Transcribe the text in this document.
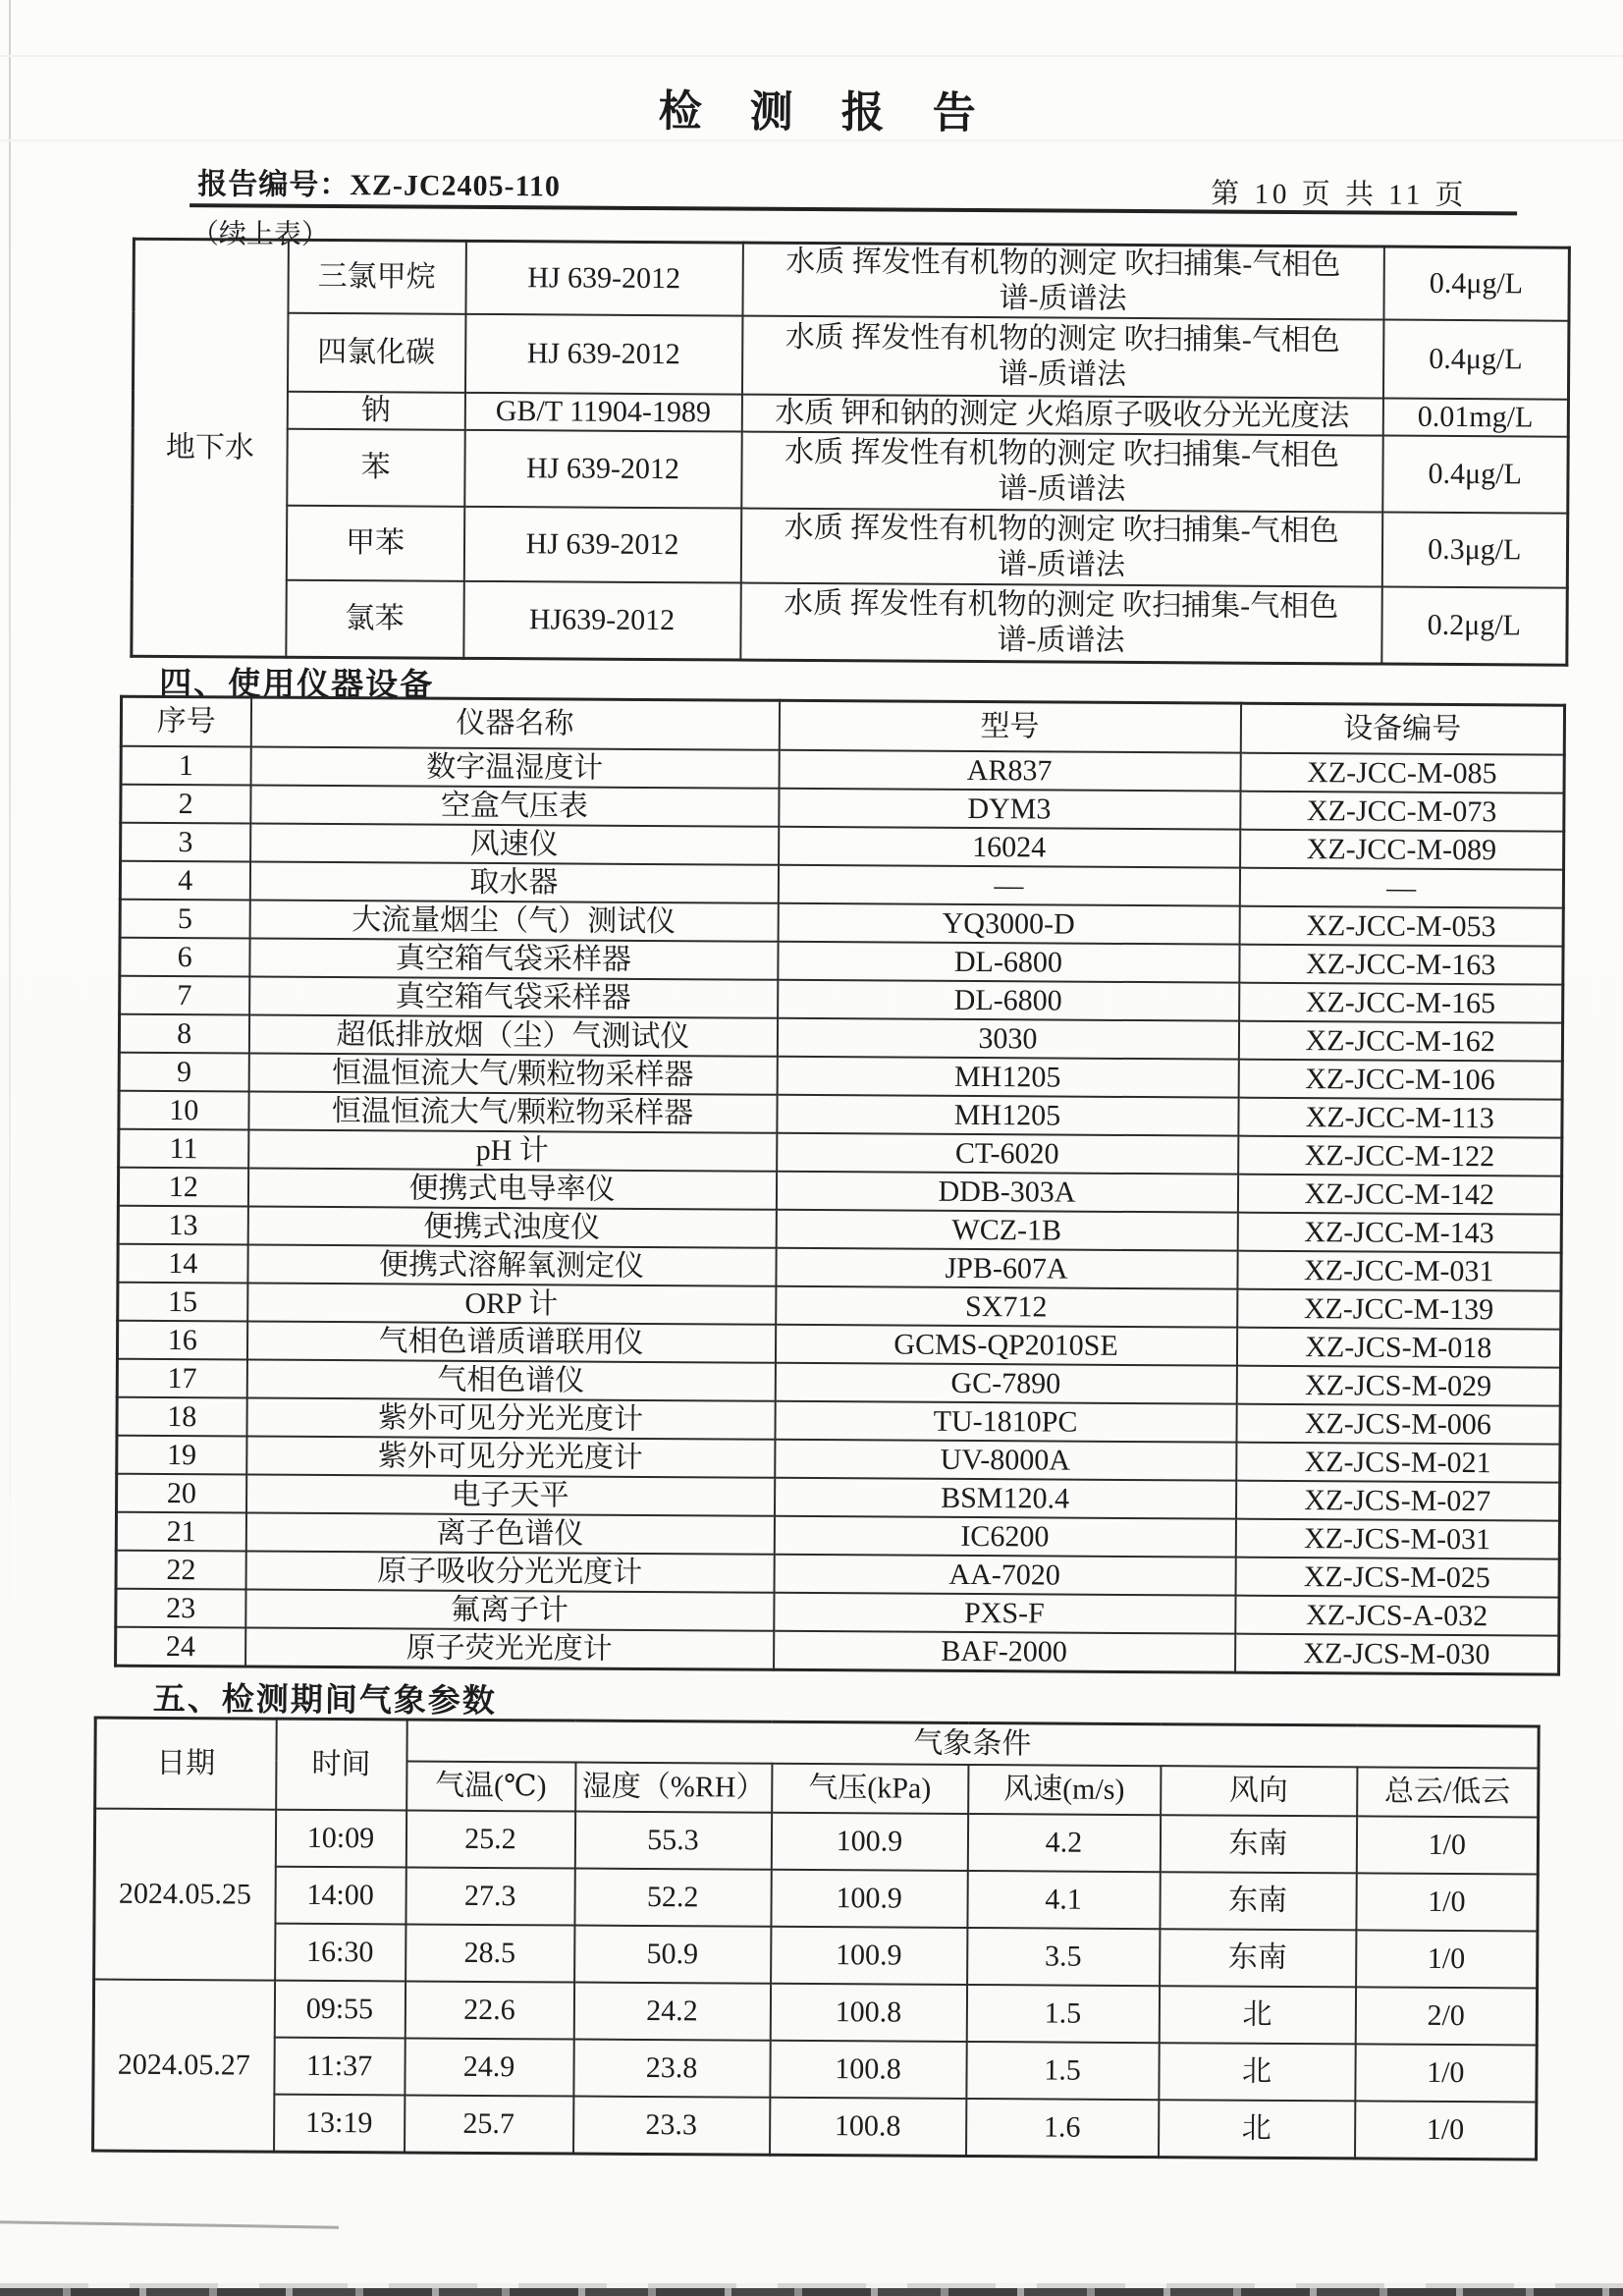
检 测 报 告
报告编号：XZ-JC2405-110	第 10 页 共 11 页
（续上表）
地下水	三氯甲烷	HJ 639-2012	水质 挥发性有机物的测定 吹扫捕集-气相色谱-质谱法	0.4μg/L
	四氯化碳	HJ 639-2012	水质 挥发性有机物的测定 吹扫捕集-气相色谱-质谱法	0.4μg/L
	钠	GB/T 11904-1989	水质 钾和钠的测定 火焰原子吸收分光光度法	0.01mg/L
	苯	HJ 639-2012	水质 挥发性有机物的测定 吹扫捕集-气相色谱-质谱法	0.4μg/L
	甲苯	HJ 639-2012	水质 挥发性有机物的测定 吹扫捕集-气相色谱-质谱法	0.3μg/L
	氯苯	HJ639-2012	水质 挥发性有机物的测定 吹扫捕集-气相色谱-质谱法	0.2μg/L
四、使用仪器设备
序号	仪器名称	型号	设备编号
1	数字温湿度计	AR837	XZ-JCC-M-085
2	空盒气压表	DYM3	XZ-JCC-M-073
3	风速仪	16024	XZ-JCC-M-089
4	取水器	—	—
5	大流量烟尘（气）测试仪	YQ3000-D	XZ-JCC-M-053
6	真空箱气袋采样器	DL-6800	XZ-JCC-M-163
7	真空箱气袋采样器	DL-6800	XZ-JCC-M-165
8	超低排放烟（尘）气测试仪	3030	XZ-JCC-M-162
9	恒温恒流大气/颗粒物采样器	MH1205	XZ-JCC-M-106
10	恒温恒流大气/颗粒物采样器	MH1205	XZ-JCC-M-113
11	pH 计	CT-6020	XZ-JCC-M-122
12	便携式电导率仪	DDB-303A	XZ-JCC-M-142
13	便携式浊度仪	WCZ-1B	XZ-JCC-M-143
14	便携式溶解氧测定仪	JPB-607A	XZ-JCC-M-031
15	ORP 计	SX712	XZ-JCC-M-139
16	气相色谱质谱联用仪	GCMS-QP2010SE	XZ-JCS-M-018
17	气相色谱仪	GC-7890	XZ-JCS-M-029
18	紫外可见分光光度计	TU-1810PC	XZ-JCS-M-006
19	紫外可见分光光度计	UV-8000A	XZ-JCS-M-021
20	电子天平	BSM120.4	XZ-JCS-M-027
21	离子色谱仪	IC6200	XZ-JCS-M-031
22	原子吸收分光光度计	AA-7020	XZ-JCS-M-025
23	氟离子计	PXS-F	XZ-JCS-A-032
24	原子荧光光度计	BAF-2000	XZ-JCS-M-030
五、检测期间气象参数
日期	时间	气象条件					
		气温(℃)	湿度（%RH）	气压(kPa)	风速(m/s)	风向	总云/低云
2024.05.25	10:09	25.2	55.3	100.9	4.2	东南	1/0
	14:00	27.3	52.2	100.9	4.1	东南	1/0
	16:30	28.5	50.9	100.9	3.5	东南	1/0
2024.05.27	09:55	22.6	24.2	100.8	1.5	北	2/0
	11:37	24.9	23.8	100.8	1.5	北	1/0
	13:19	25.7	23.3	100.8	1.6	北	1/0
